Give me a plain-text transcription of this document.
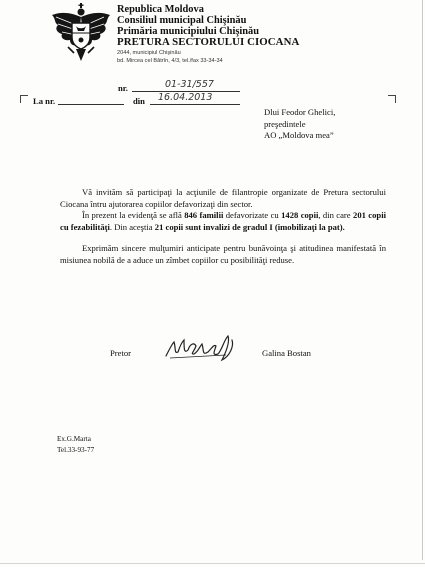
Republica Moldova
Consiliul municipal Chişinău
Primăria municipiului Chişinău
PRETURA SECTORULUI CIOCANA
2044, municipiul Chişinău
bd. Mircea cel Bătrîn, 4/3, tel./fax 33-34-34
nr.	01-31/557
La nr.	din 16.04.2013
Dlui Feodor Ghelici,
preşedintele
AO „Moldova mea”

Vă invităm să participaţi la acţiunile de filantropie organizate de Pretura sectorului Ciocana întru ajutorarea copiilor defavorizaţi din sector.

În prezent la evidenţă se află 846 familii defavorizate cu 1428 copii, din care 201 copii cu fezabilităţi. Din aceştia 21 copii sunt invalizi de gradul I (imobilizaţi la pat).

Exprimăm sincere mulţumiri anticipate pentru bunăvoinţa şi atitudinea manifestată în misiunea nobilă de a aduce un zîmbet copiilor cu posibilităţi reduse.

Pretor	Galina Bostan
Ex.G.Marta
Tel.33-93-77
